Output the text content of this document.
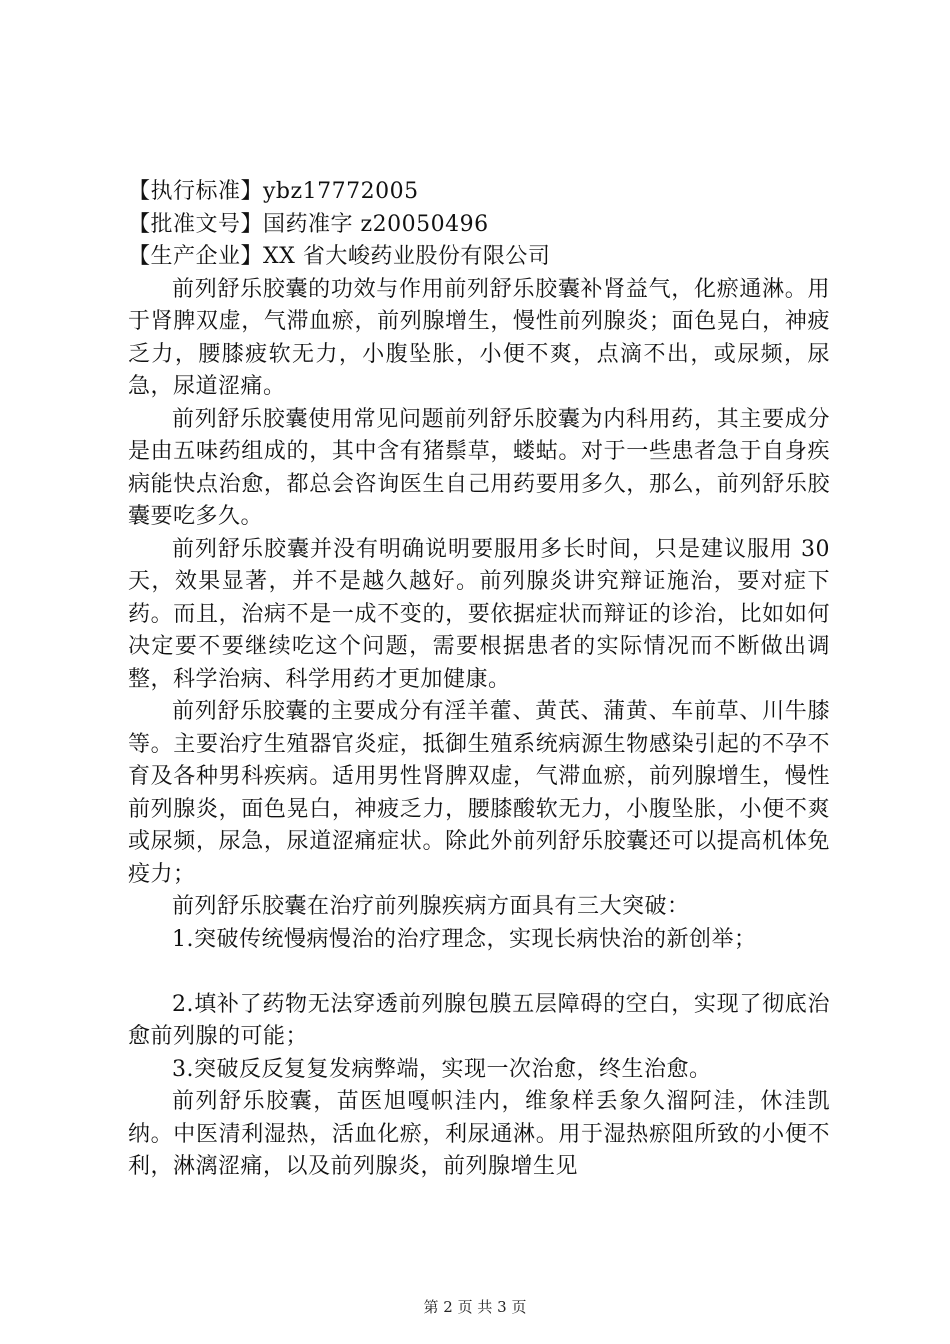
【执行标准】ybz17772005

【批准文号】国药准字 z20050496

【生产企业】XX 省大峻药业股份有限公司

前列舒乐胶囊的功效与作用前列舒乐胶囊补肾益气，化瘀通淋。用于肾脾双虚，气滞血瘀，前列腺增生，慢性前列腺炎；面色晃白，神疲乏力，腰膝疲软无力，小腹坠胀，小便不爽，点滴不出，或尿频，尿急，尿道涩痛。

前列舒乐胶囊使用常见问题前列舒乐胶囊为内科用药，其主要成分是由五味药组成的，其中含有猪鬃草，蝼蛄。对于一些患者急于自身疾病能快点治愈，都总会咨询医生自己用药要用多久，那么，前列舒乐胶囊要吃多久。

前列舒乐胶囊并没有明确说明要服用多长时间，只是建议服用 30 天，效果显著，并不是越久越好。前列腺炎讲究辩证施治，要对症下药。而且，治病不是一成不变的，要依据症状而辩证的诊治，比如如何决定要不要继续吃这个问题，需要根据患者的实际情况而不断做出调整，科学治病、科学用药才更加健康。

前列舒乐胶囊的主要成分有淫羊藿、黄芪、蒲黄、车前草、川牛膝等。主要治疗生殖器官炎症，抵御生殖系统病源生物感染引起的不孕不育及各种男科疾病。适用男性肾脾双虚，气滞血瘀，前列腺增生，慢性前列腺炎，面色晃白，神疲乏力，腰膝酸软无力，小腹坠胀，小便不爽或尿频，尿急，尿道涩痛症状。除此外前列舒乐胶囊还可以提高机体免疫力；

前列舒乐胶囊在治疗前列腺疾病方面具有三大突破：

1.突破传统慢病慢治的治疗理念，实现长病快治的新创举；

2.填补了药物无法穿透前列腺包膜五层障碍的空白，实现了彻底治愈前列腺的可能；

3.突破反反复复发病弊端，实现一次治愈，终生治愈。

前列舒乐胶囊，苗医旭嘎帜洼内，维象样丢象久溜阿洼，休洼凯纳。中医清利湿热，活血化瘀，利尿通淋。用于湿热瘀阻所致的小便不利，淋漓涩痛，以及前列腺炎，前列腺增生见

第 2 页 共 3 页
